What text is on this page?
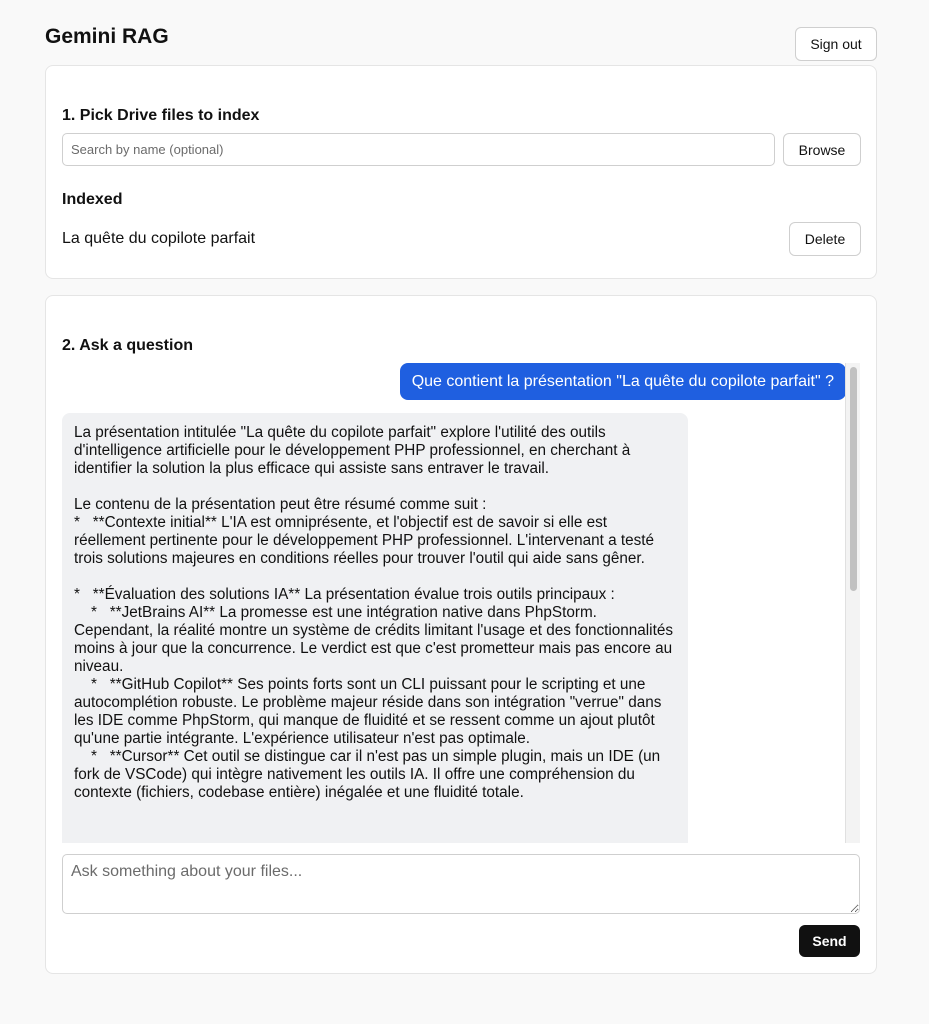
Gemini RAG	Sign out
1. Pick Drive files to index
Search by name (optional)
Browse
Indexed
La quête du copilote parfait	Delete
2. Ask a question
Que contient la présentation "La quête du copilote parfait" ?
La présentation intitulée "La quête du copilote parfait" explore l'utilité des outils d'intelligence artificielle pour le développement PHP professionnel, en cherchant à identifier la solution la plus efficace qui assiste sans entraver le travail.

Le contenu de la présentation peut être résumé comme suit :
*   **Contexte initial** L'IA est omniprésente, et l'objectif est de savoir si elle est réellement pertinente pour le développement PHP professionnel. L'intervenant a testé trois solutions majeures en conditions réelles pour trouver l'outil qui aide sans gêner.

*   **Évaluation des solutions IA** La présentation évalue trois outils principaux :
*   **JetBrains AI** La promesse est une intégration native dans PhpStorm. Cependant, la réalité montre un système de crédits limitant l'usage et des fonctionnalités moins à jour que la concurrence. Le verdict est que c'est prometteur mais pas encore au niveau.
*   **GitHub Copilot** Ses points forts sont un CLI puissant pour le scripting et une autocomplétion robuste. Le problème majeur réside dans son intégration "verrue" dans les IDE comme PhpStorm, qui manque de fluidité et se ressent comme un ajout plutôt qu'une partie intégrante. L'expérience utilisateur n'est pas optimale.
*   **Cursor** Cet outil se distingue car il n'est pas un simple plugin, mais un IDE (un fork de VSCode) qui intègre nativement les outils IA. Il offre une compréhension du contexte (fichiers, codebase entière) inégalée et une fluidité totale.
Ask something about your files...
Send
